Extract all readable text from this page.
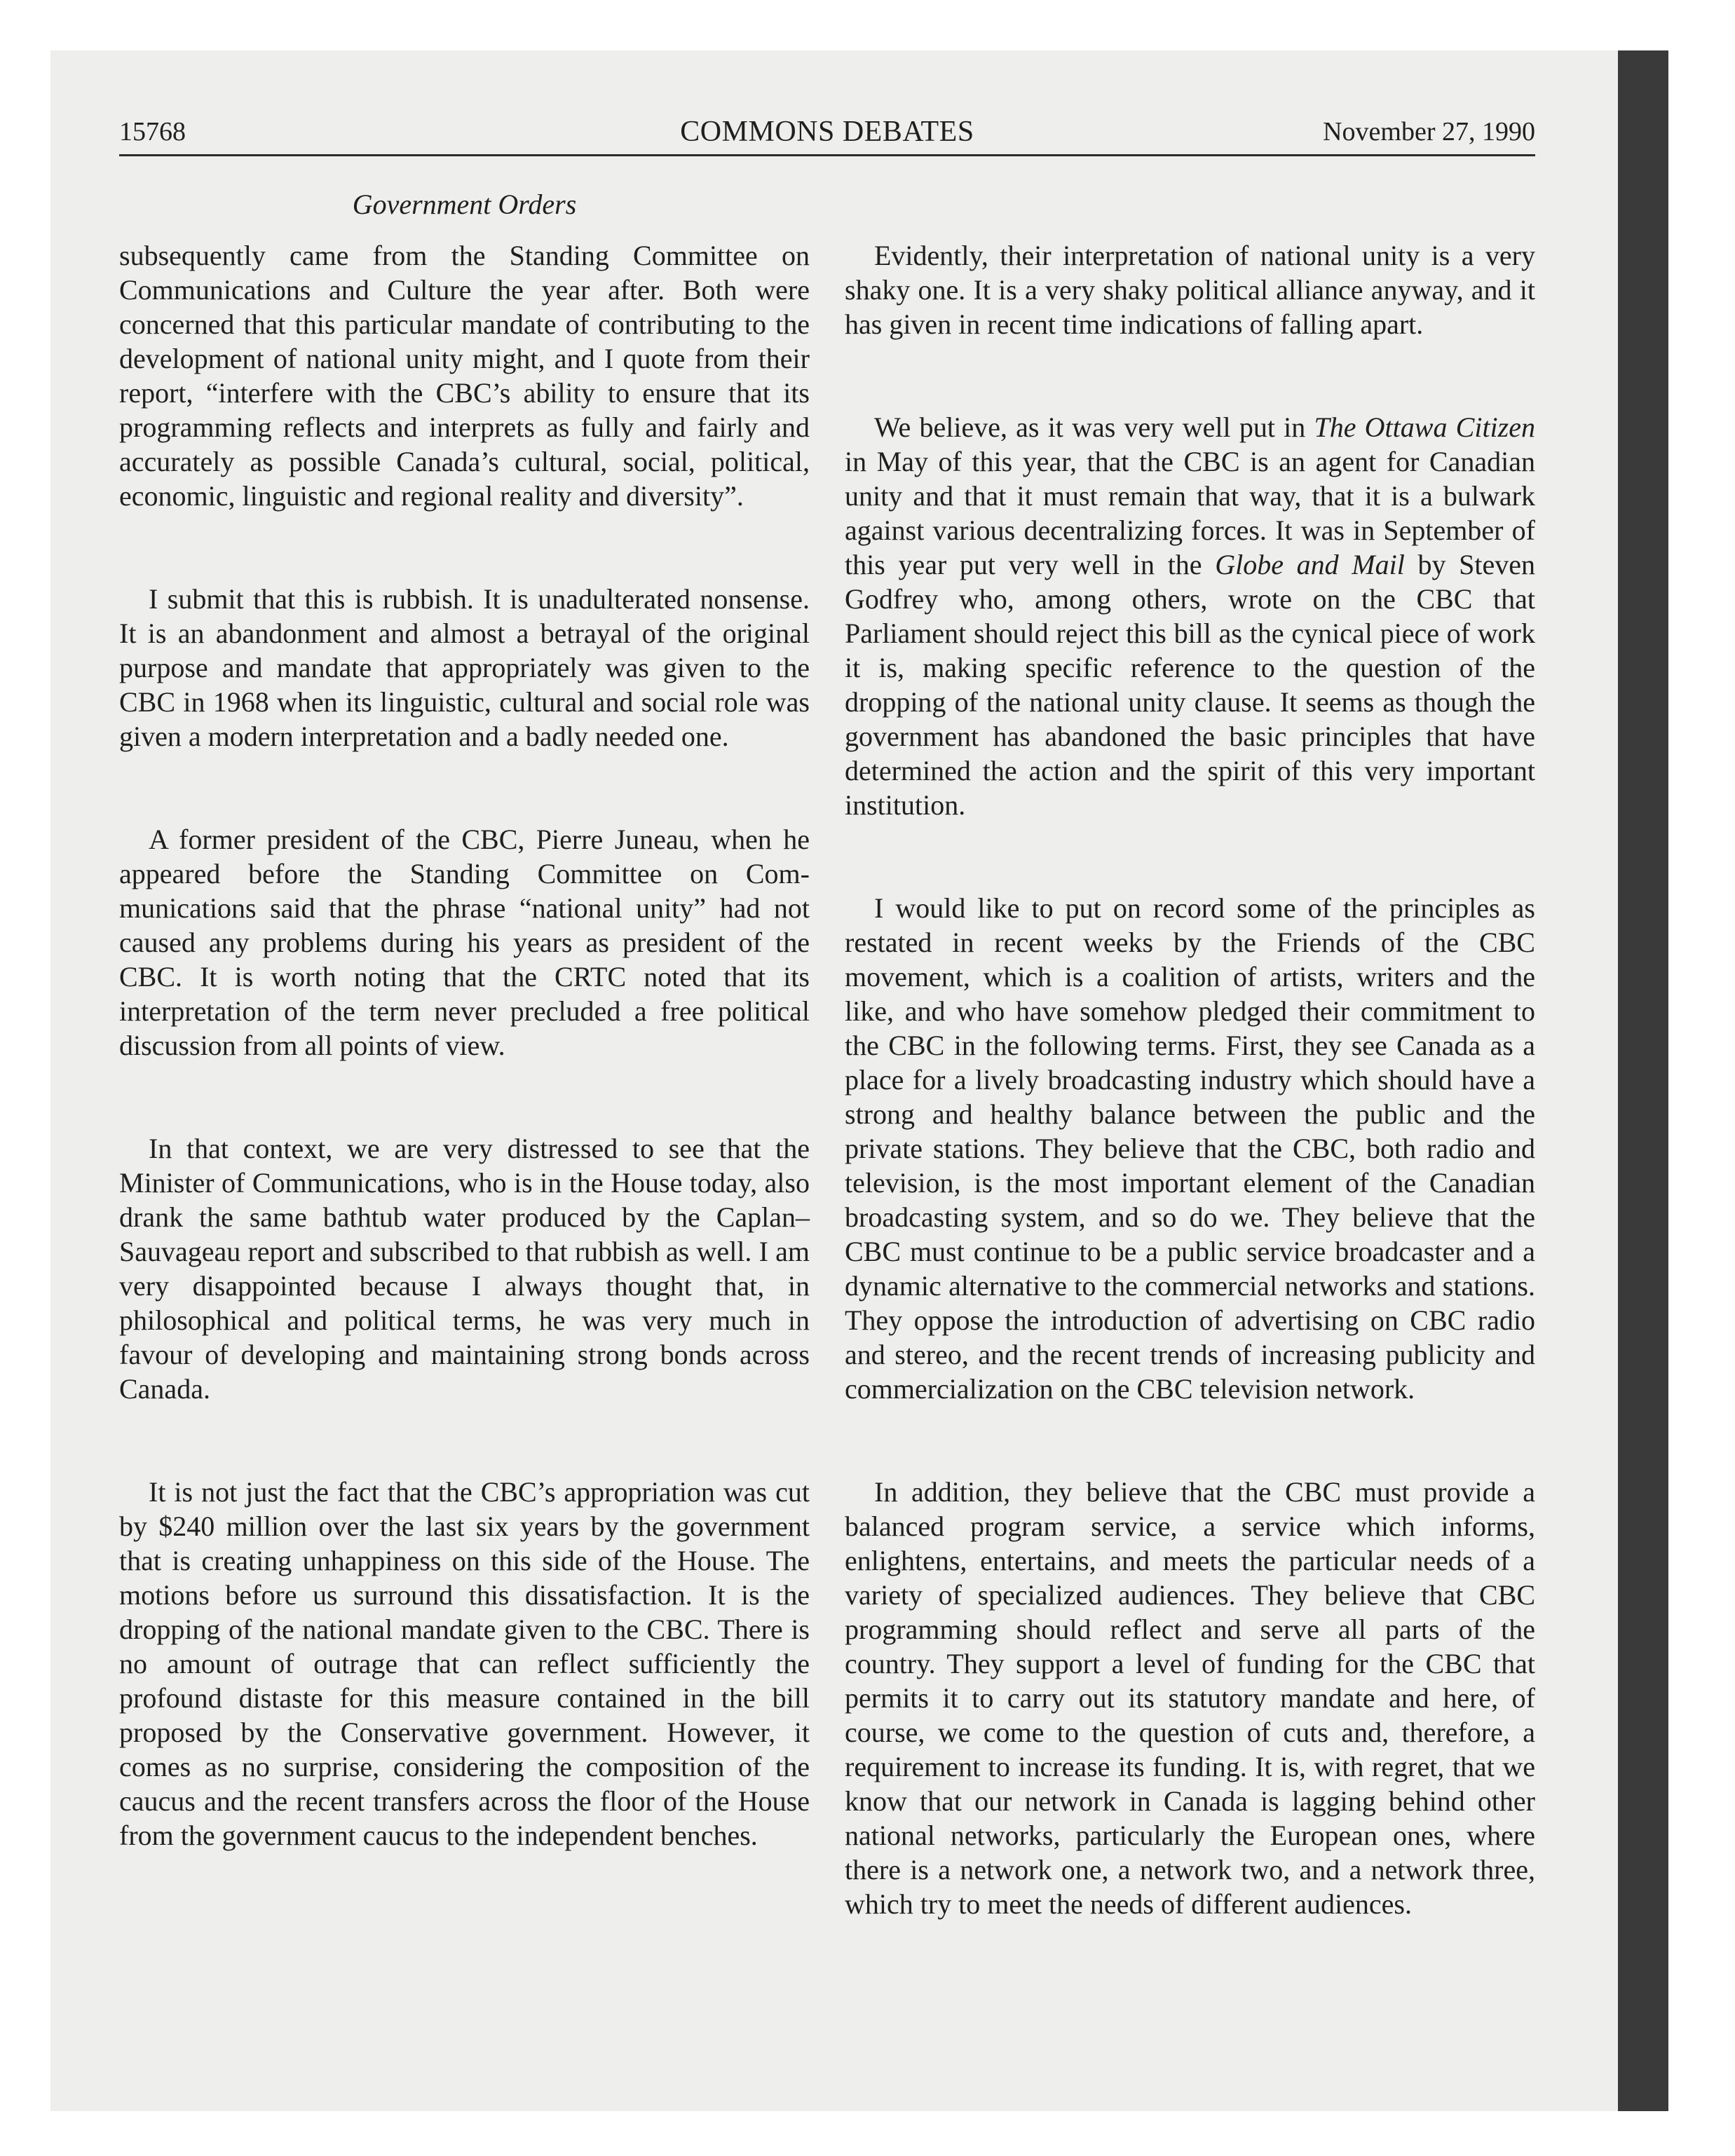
15768	COMMONS DEBATES	November 27, 1990
Government Orders

subsequently came from the Standing Committee on Communications and Culture the year after. Both were concerned that this particular mandate of contributing to the development of national unity might, and I quote from their report, “interfere with the CBC’s ability to ensure that its programming reflects and interprets as fully and fairly and accurately as possible Canada’s cultural, social, political, economic, linguistic and regional reality and diversity”.

I submit that this is rubbish. It is unadulterated nonsense. It is an abandonment and almost a betrayal of the original purpose and mandate that appropriately was given to the CBC in 1968 when its linguistic, cultural and social role was given a modern interpretation and a badly needed one.

A former president of the CBC, Pierre Juneau, when he appeared before the Standing Committee on Communications said that the phrase “national unity” had not caused any problems during his years as president of the CBC. It is worth noting that the CRTC noted that its interpretation of the term never precluded a free political discussion from all points of view.

In that context, we are very distressed to see that the Minister of Communications, who is in the House today, also drank the same bathtub water produced by the Caplan–Sauvageau report and subscribed to that rubbish as well. I am very disappointed because I always thought that, in philosophical and political terms, he was very much in favour of developing and maintaining strong bonds across Canada.

It is not just the fact that the CBC’s appropriation was cut by $240 million over the last six years by the government that is creating unhappiness on this side of the House. The motions before us surround this dissatisfaction. It is the dropping of the national mandate given to the CBC. There is no amount of outrage that can reflect sufficiently the profound distaste for this measure contained in the bill proposed by the Conservative government. However, it comes as no surprise, considering the composition of the caucus and the recent transfers across the floor of the House from the government caucus to the independent benches.

Evidently, their interpretation of national unity is a very shaky one. It is a very shaky political alliance anyway, and it has given in recent time indications of falling apart.

We believe, as it was very well put in The Ottawa Citizen in May of this year, that the CBC is an agent for Canadian unity and that it must remain that way, that it is a bulwark against various decentralizing forces. It was in September of this year put very well in the Globe and Mail by Steven Godfrey who, among others, wrote on the CBC that Parliament should reject this bill as the cynical piece of work it is, making specific reference to the question of the dropping of the national unity clause. It seems as though the government has abandoned the basic principles that have determined the action and the spirit of this very important institution.

I would like to put on record some of the principles as restated in recent weeks by the Friends of the CBC movement, which is a coalition of artists, writers and the like, and who have somehow pledged their commitment to the CBC in the following terms. First, they see Canada as a place for a lively broadcasting industry which should have a strong and healthy balance between the public and the private stations. They believe that the CBC, both radio and television, is the most important element of the Canadian broadcasting system, and so do we. They believe that the CBC must continue to be a public service broadcaster and a dynamic alternative to the commercial networks and stations. They oppose the introduction of advertising on CBC radio and stereo, and the recent trends of increasing publicity and commercialization on the CBC television network.

In addition, they believe that the CBC must provide a balanced program service, a service which informs, enlightens, entertains, and meets the particular needs of a variety of specialized audiences. They believe that CBC programming should reflect and serve all parts of the country. They support a level of funding for the CBC that permits it to carry out its statutory mandate and here, of course, we come to the question of cuts and, therefore, a requirement to increase its funding. It is, with regret, that we know that our network in Canada is lagging behind other national networks, particularly the European ones, where there is a network one, a network two, and a network three, which try to meet the needs of different audiences.
